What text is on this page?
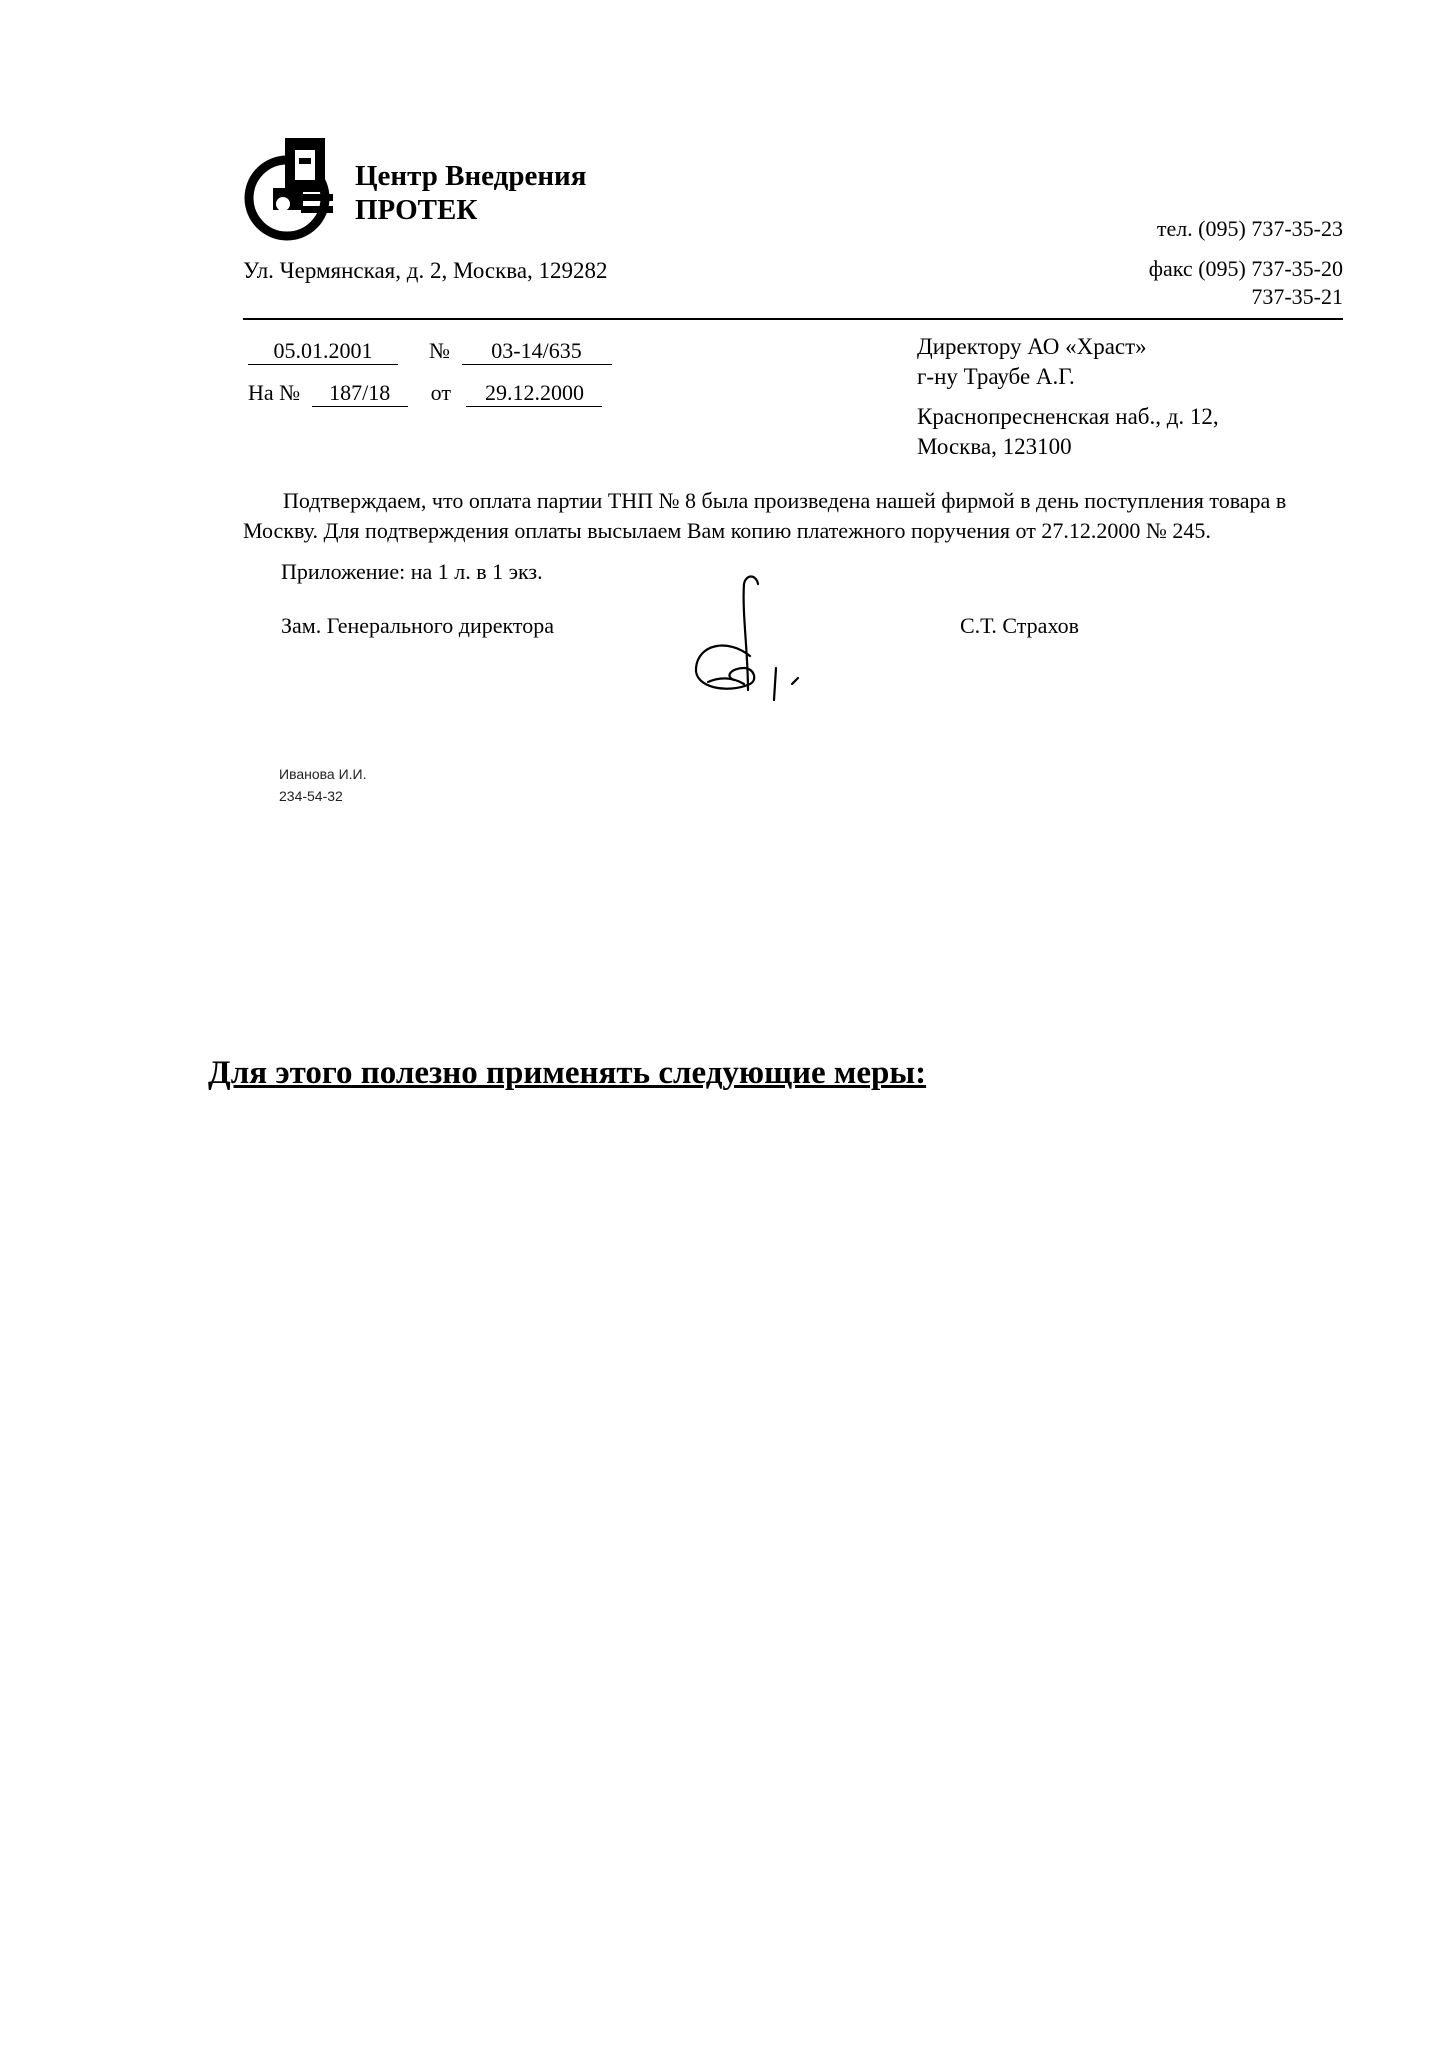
Центр Внедрения
ПРОТЕК
Ул. Чермянская, д. 2, Москва, 129282
тел. (095) 737-35-23
факс (095) 737-35-20
737-35-21
05.01.2001	№ 03-14/635
На № 187/18 от 29.12.2000
Директору АО «Храст»
г-ну Траубе А.Г.
Краснопресненская наб., д. 12,
Москва, 123100
Подтверждаем, что оплата партии ТНП № 8 была произведена нашей фирмой в день поступления товара в Москву. Для подтверждения оплаты высылаем Вам копию платежного поручения от 27.12.2000 № 245.
Приложение: на 1 л. в 1 экз.
Зам. Генерального директора	С.Т. Страхов
Иванова И.И.
234-54-32
Для этого полезно применять следующие меры:
